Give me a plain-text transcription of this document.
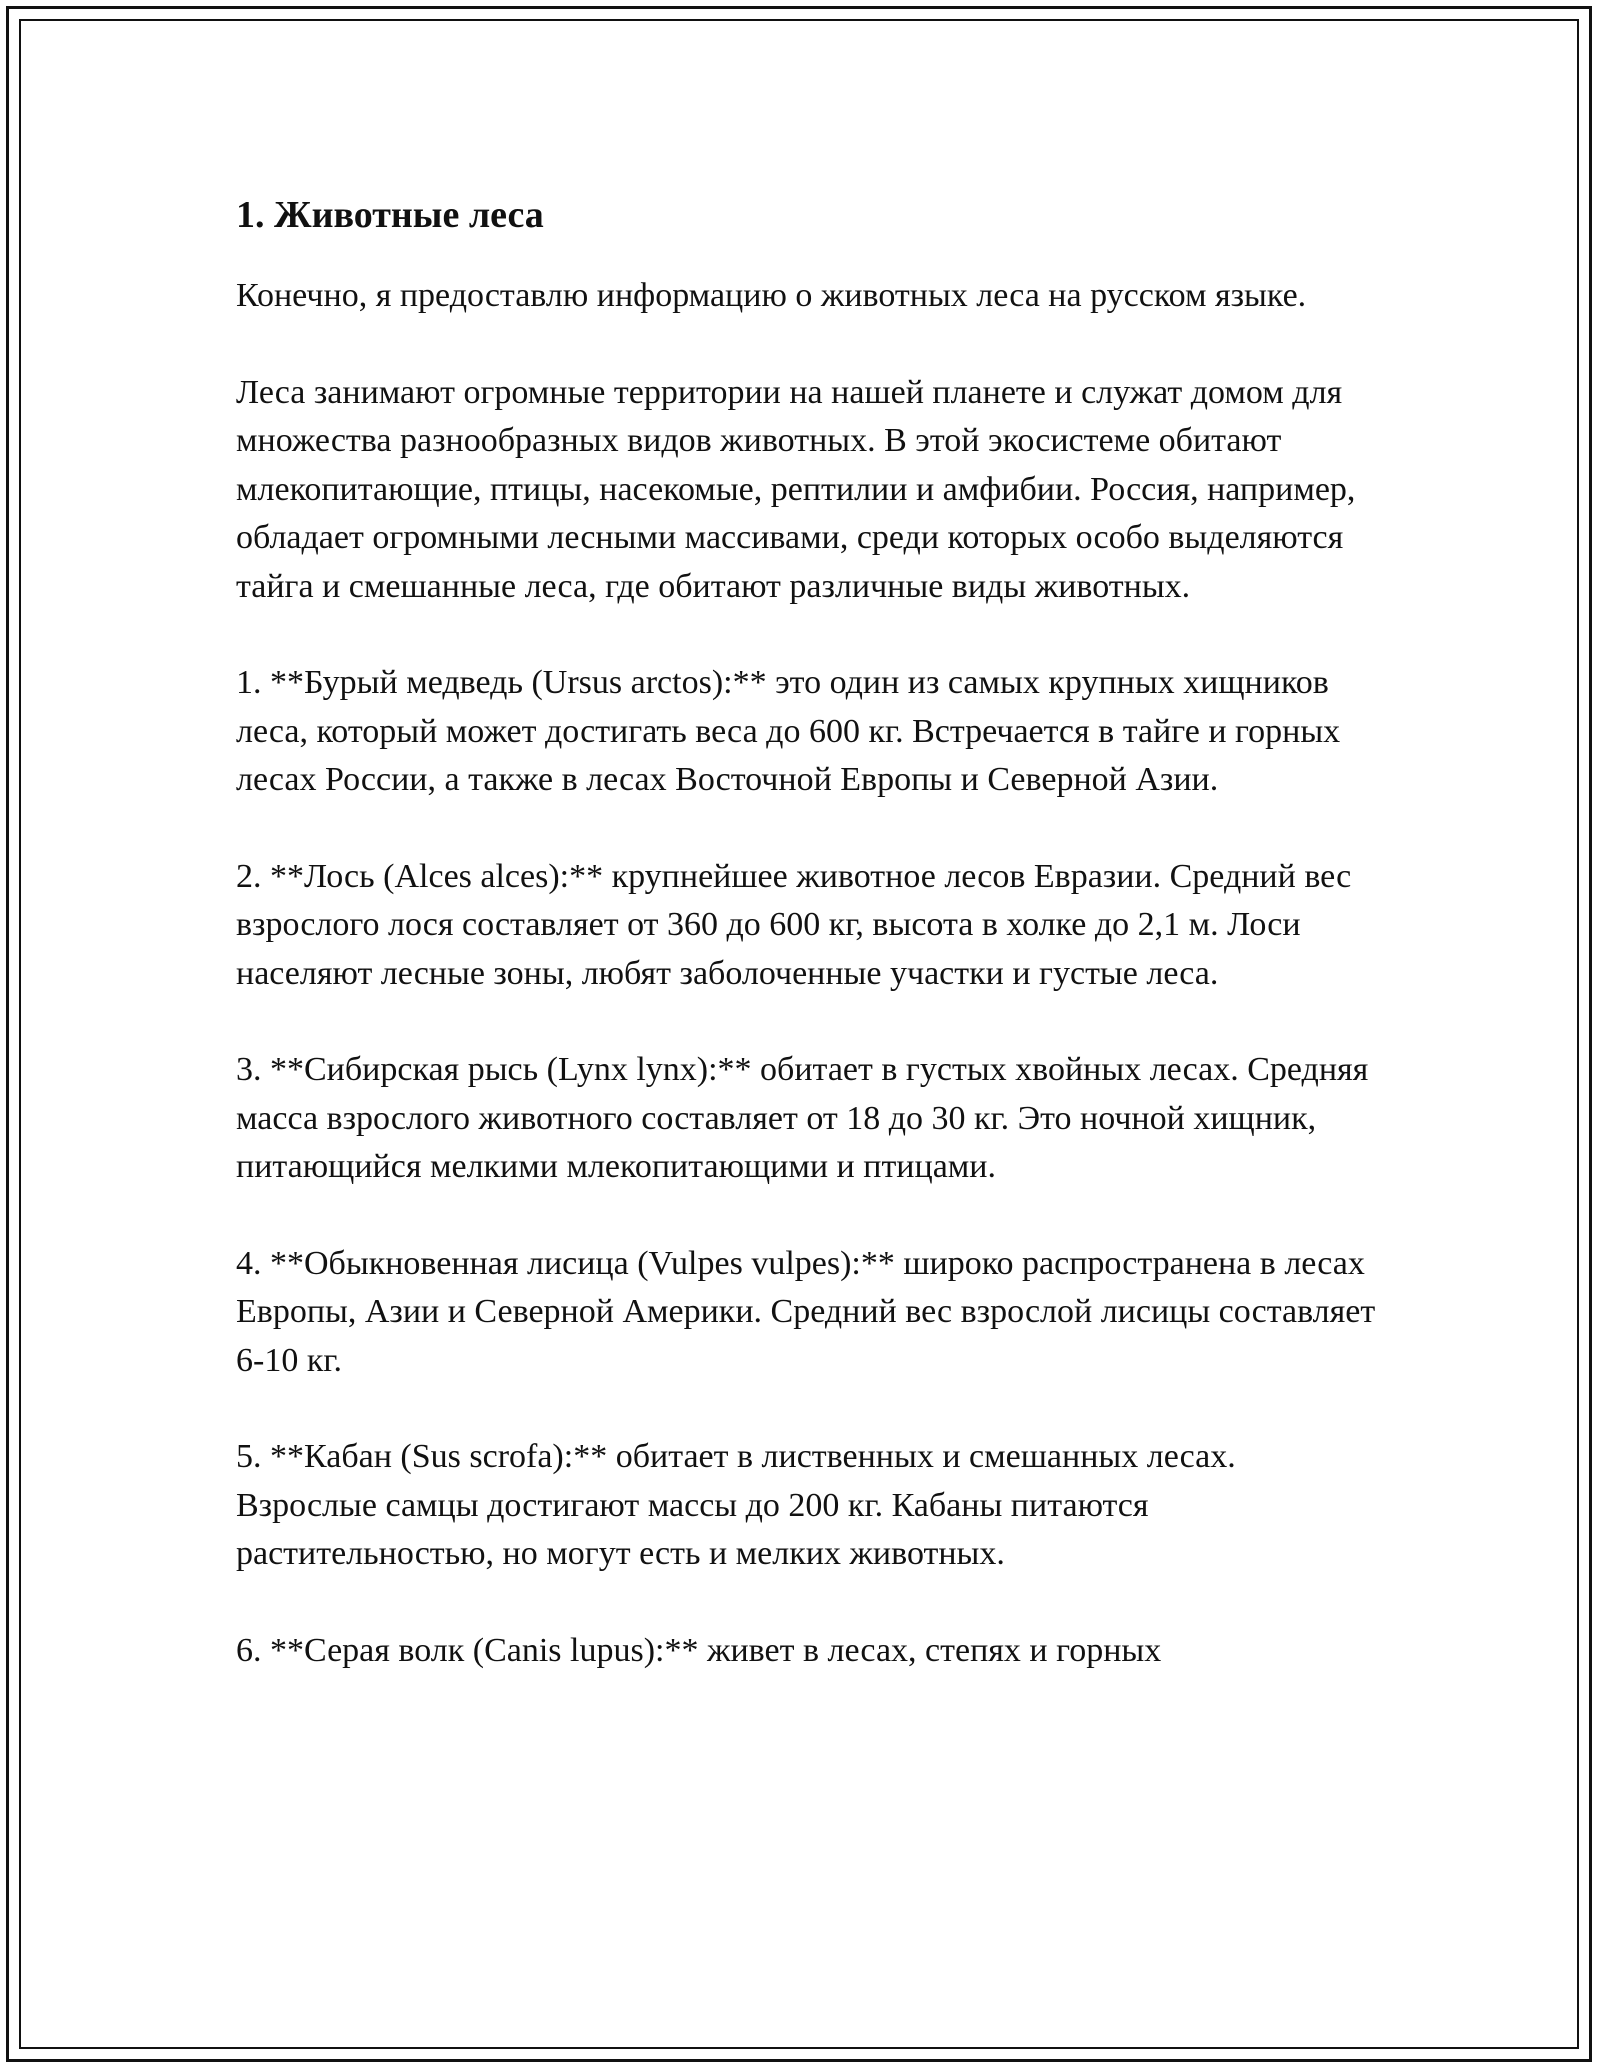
1. Животные леса

Конечно, я предоставлю информацию о животных леса на русском языке.

Леса занимают огромные территории на нашей планете и служат домом для множества разнообразных видов животных. В этой экосистеме обитают млекопитающие, птицы, насекомые, рептилии и амфибии. Россия, например, обладает огромными лесными массивами, среди которых особо выделяются тайга и смешанные леса, где обитают различные виды животных.

1. **Бурый медведь (Ursus arctos):** это один из самых крупных хищников леса, который может достигать веса до 600 кг. Встречается в тайге и горных лесах России, а также в лесах Восточной Европы и Северной Азии.

2. **Лось (Alces alces):** крупнейшее животное лесов Евразии. Средний вес взрослого лося составляет от 360 до 600 кг, высота в холке до 2,1 м. Лоси населяют лесные зоны, любят заболоченные участки и густые леса.

3. **Сибирская рысь (Lynx lynx):** обитает в густых хвойных лесах. Средняя масса взрослого животного составляет от 18 до 30 кг. Это ночной хищник, питающийся мелкими млекопитающими и птицами.

4. **Обыкновенная лисица (Vulpes vulpes):** широко распространена в лесах Европы, Азии и Северной Америки. Средний вес взрослой лисицы составляет 6-10 кг.

5. **Кабан (Sus scrofa):** обитает в лиственных и смешанных лесах. Взрослые самцы достигают массы до 200 кг. Кабаны питаются растительностью, но могут есть и мелких животных.

6. **Серая волк (Canis lupus):** живет в лесах, степях и горных
